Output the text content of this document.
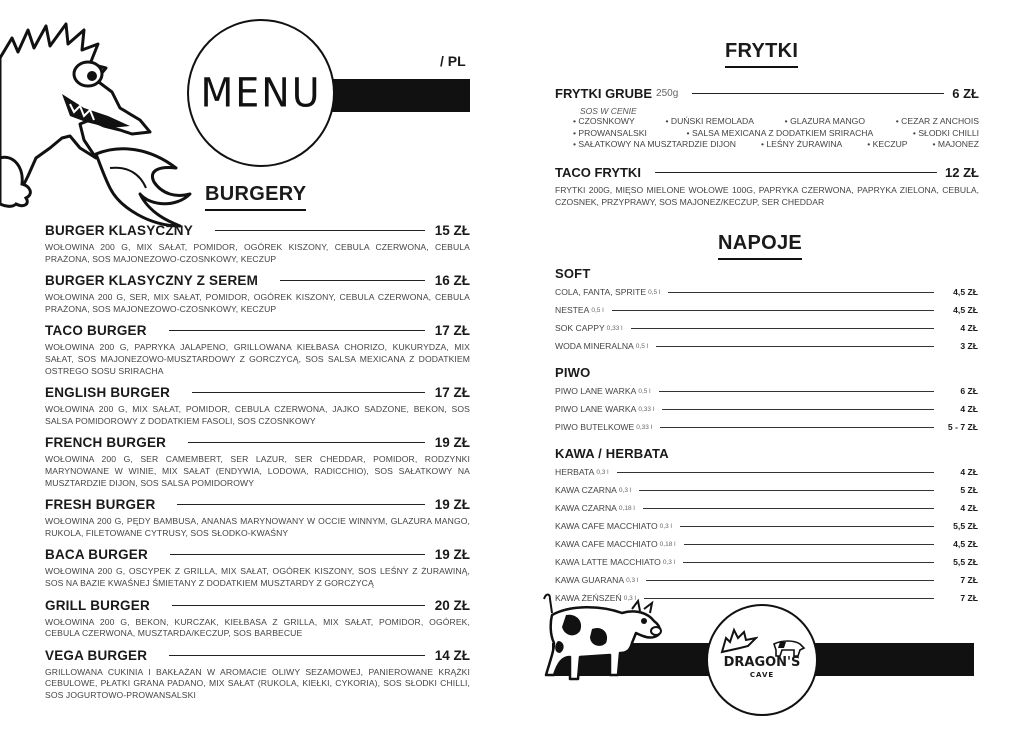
MENU
/ PL
BURGERY
BURGER KLASYCZNY	15 ZŁ
WOŁOWINA 200 G, MIX SAŁAT, POMIDOR, OGÓREK KISZONY, CEBULA CZERWONA, CEBULA PRAŻONA, SOS MAJONEZOWO-CZOSNKOWY, KECZUP
BURGER KLASYCZNY Z SEREM	16 ZŁ
WOŁOWINA 200 G, SER, MIX SAŁAT, POMIDOR, OGÓREK KISZONY, CEBULA CZERWONA, CEBULA PRAŻONA, SOS MAJONEZOWO-CZOSNKOWY, KECZUP
TACO BURGER	17 ZŁ
WOŁOWINA 200 G, PAPRYKA JALAPENO, GRILLOWANA KIEŁBASA CHORIZO, KUKURYDZA, MIX SAŁAT, SOS MAJONEZOWO-MUSZTARDOWY Z GORCZYCĄ, SOS SALSA MEXICANA Z DODATKIEM OSTREGO SOSU SRIRACHA
ENGLISH BURGER	17 ZŁ
WOŁOWINA 200 G, MIX SAŁAT, POMIDOR, CEBULA CZERWONA, JAJKO SADZONE, BEKON, SOS SALSA POMIDOROWY Z DODATKIEM FASOLI, SOS CZOSNKOWY
FRENCH BURGER	19 ZŁ
WOŁOWINA 200 G, SER CAMEMBERT, SER LAZUR, SER CHEDDAR, POMIDOR, RODZYNKI MARYNOWANE W WINIE, MIX SAŁAT (ENDYWIA, LODOWA, RADICCHIO), SOS SAŁATKOWY NA MUSZTARDZIE DIJON, SOS SALSA POMIDOROWY
FRESH BURGER	19 ZŁ
WOŁOWINA 200 G, PĘDY BAMBUSA, ANANAS MARYNOWANY W OCCIE WINNYM, GLAZURA MANGO, RUKOLA, FILETOWANE CYTRUSY, SOS SŁODKO-KWAŚNY
BACA BURGER	19 ZŁ
WOŁOWINA 200 G, OSCYPEK Z GRILLA, MIX SAŁAT, OGÓREK KISZONY, SOS LEŚNY Z ŻURAWINĄ, SOS NA BAZIE KWAŚNEJ ŚMIETANY Z DODATKIEM MUSZTARDY Z GORCZYCĄ
GRILL BURGER	20 ZŁ
WOŁOWINA 200 G, BEKON, KURCZAK, KIEŁBASA Z GRILLA, MIX SAŁAT, POMIDOR, OGÓREK, CEBULA CZERWONA, MUSZTARDA/KECZUP, SOS BARBECUE
VEGA BURGER	14 ZŁ
GRILLOWANA CUKINIA I BAKŁAŻAN W AROMACIE OLIWY SEZAMOWEJ, PANIEROWANE KRĄŻKI CEBULOWE, PŁATKI GRANA PADANO, MIX SAŁAT (RUKOLA, KIEŁKI, CYKORIA), SOS SŁODKI CHILLI, SOS JOGURTOWO-PROWANSALSKI
FRYTKI
FRYTKI GRUBE 250g	6 ZŁ
SOS W CENIE
• CZOSNKOWY	• DUŃSKI REMOLADA	• GLAZURA MANGO	• CEZAR Z ANCHOIS
• PROWANSALSKI	• SALSA MEXICANA Z DODATKIEM SRIRACHA	• SŁODKI CHILLI
• SAŁATKOWY NA MUSZTARDZIE DIJON	• LEŚNY ŻURAWINA	• KECZUP	• MAJONEZ
TACO FRYTKI	12 ZŁ
FRYTKI 200G, MIĘSO MIELONE WOŁOWE 100G, PAPRYKA CZERWONA, PAPRYKA ZIELONA, CEBULA, CZOSNEK, PRZYPRAWY, SOS MAJONEZ/KECZUP, SER CHEDDAR
NAPOJE
SOFT
COLA, FANTA, SPRITE 0,5 l	4,5 ZŁ
NESTEA 0,5 l	4,5 ZŁ
SOK CAPPY 0,33 l	4 ZŁ
WODA MINERALNA 0,5 l	3 ZŁ
PIWO
PIWO LANE WARKA 0,5 l	6 ZŁ
PIWO LANE WARKA 0,33 l	4 ZŁ
PIWO BUTELKOWE 0,33 l	5 - 7 ZŁ
KAWA / HERBATA
HERBATA 0,3 l	4 ZŁ
KAWA CZARNA 0,3 l	5 ZŁ
KAWA CZARNA 0,18 l	4 ZŁ
KAWA CAFE MACCHIATO 0,3 l	5,5 ZŁ
KAWA CAFE MACCHIATO 0,18 l	4,5 ZŁ
KAWA LATTE MACCHIATO 0,3 l	5,5 ZŁ
KAWA GUARANA 0,3 l	7 ZŁ
KAWA ŻEŃSZEŃ 0,3 l	7 ZŁ
DRAGON'S
CAVE
